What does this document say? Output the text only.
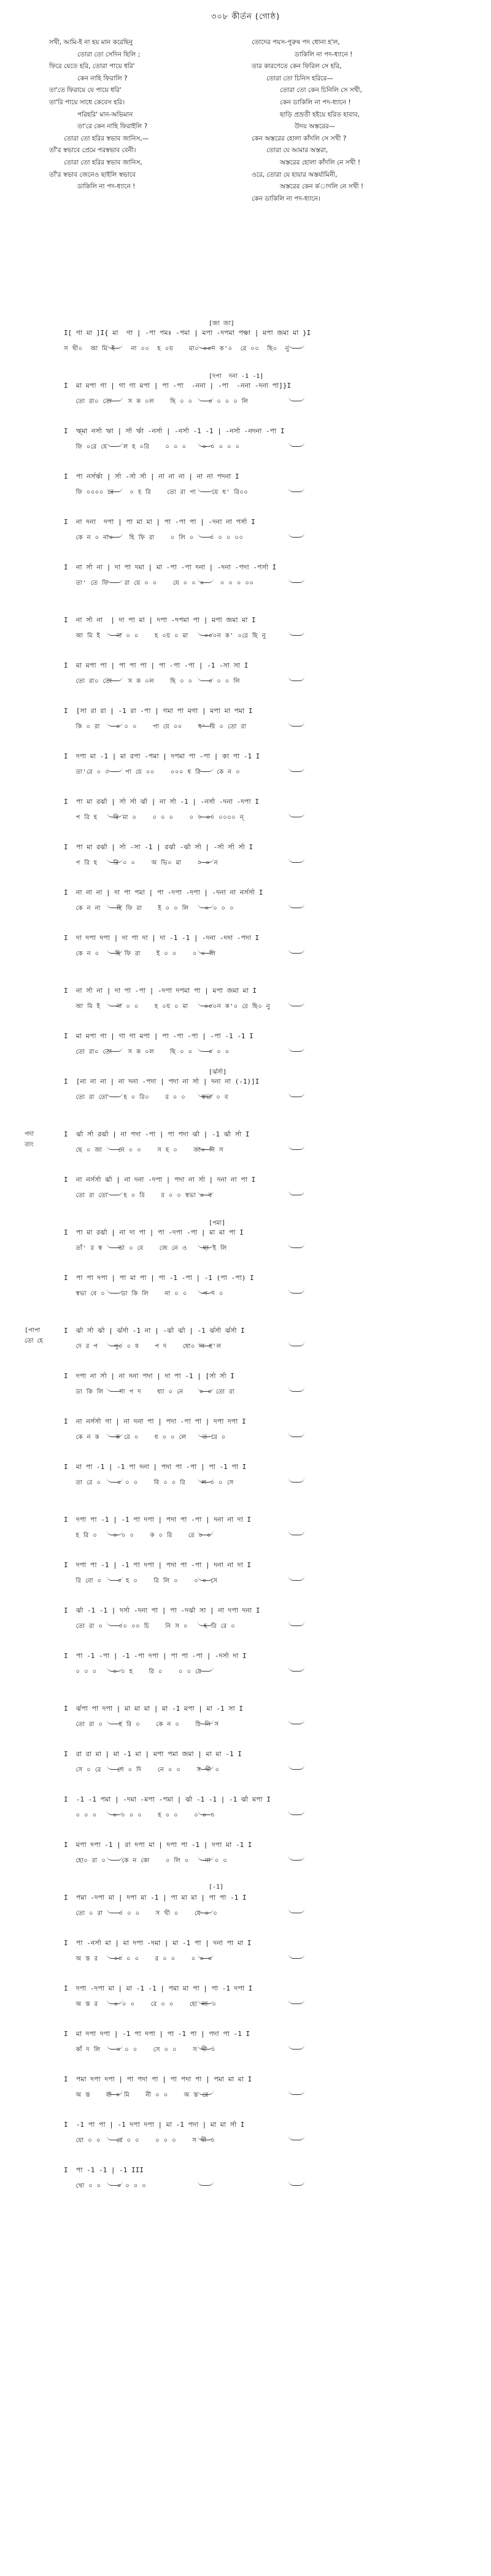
৩০৮ কীর্তন (গোষ্ঠ)
সখী, আমি-ই না হয় মান করেছিনু
তোরা তো সেদিন ছিলি ;
ফিরে যেতে হরি, তোরা পায়ে ধরি'
কেন নাহি ফিরালি ?
তা'তে ফিরায়ে যে পায়ে ধরি'
তা'রি পায়ে সাধে কেবেস হরি।
পরিহরি' মান-অভিমান
তা'রে কেন নাহি ফিরাইলি ?
তোরা তো হরির স্বভাব জানিস,—
তাঁ'র স্বভাবে প্রেমে পরস্বভাব বেনী।
তোরা তো হরির স্বভাব জানিস,
তাঁ'র স্বভাব জেনেও ছাইলি স্বভাবে
ডাকিলি না পদ-ধ্যানে !
তোদের পয়স-পুরুষ পদ ধোনা হ'ল,
ডাকিলি না পদ-ধ্যানে !
তার কারণেতে কেন ফিরিল সে হরি,
তোরা তো চিনিস হরিরে—
তোরা তো কেন চিনিলি সে সখী,
কেন ডাকিলি না পদ-ধ্যানে !
ছাড়ি প্রভ্রতী হইয়ে হরিত হাবাব,
উদয় অস্তরের—
কেন অস্তরের হোলা কাঁদলি সে সখী ?
তোরা যে আমার অস্তরা,
অস্তরের হোলা কাঁদলি নে সখী !
ওরে, তোরা যে হায়ার অস্তর্যামিনী,
অস্তরের কেন ক'াদলি নে সখী !
কেন ডাকিলি না পদ-ধ্যানে।
[জা জা]
I[ গা মা ]I{ মা  গা | -পা পমঃ -পমা | মপা -দপমা পক্ষা | মপা জমা মা }I
স খী০  আ মি ই    না ০০  হ ০য়    মা০ ০০ন ক'০  রে ০০  ছি০  নু
[দপা  দনা -1 -1]
I  মা মপা গা | গা গা মপা | পা -পা  -ননা | -পা  -ননা -দনা পা]}I
তো রা০ তো    স ক ০ল    ছি ০ ০    ০ ০ ০ ০ লি
I  ঋ্মা নর্সা ঋা | র্সা র্ঋা -নর্সা | -নর্সা -1 -1 | -নর্সা -নদনা -পা I
ফি ০রে যে    ল হ ০রি    ০ ০ ০    ০ ০ ০ ০ ০
I  পা নর্সর্ঋা | র্সা -র্সা র্সা | না না না | না না পদনা I
ফি ০০০০ রে    ০ হ রি    তো রা পা    য়ে ধ' রি০০
I  না দনা  দপা | পা মা মা | পা -পা পা | -দনা না পর্সা I
কে ন ০ না০    হি ফি রা    ০ লি ০    ০ ০ ০ ০০
I  না র্সা না | দা পা দমা | মা -পা -পা দনা | -দনা -পদা -পর্সা I
তা' তে ফি    রা য়ে ০ ০    যে ০ ০ ০    ০ ০ ০ ০০
I  না র্সা না  | দা পা মা | দপা -দপমা পা | মপা জমা মা I
আ মি ই    না ০ ০    হ ০য় ০ মা    ০০০ন ক' ০রে ছি নু
I  মা মপা পা | পা পা পা | পা -পা -পা | -1 -সা সা I
তো রা০ তো    স ক ০ল    ছি ০ ০    ০ ০ ০ লি
I  [সা রা রা | -1 রা -পা | গমা পা মগা | মপা মা পমা I
কি ০ রা    ০ ০ ০    পা য়ে ০০    ধ' রি ০ তো রা
I  দপা মা -1 | মা রপা -পমা | দপমা পা -পা | কা পা -1 I
তা'রে ০ ০    পা য়ে ০০    ০০০ ধ রি    কে ন ০
I  পা মা রর্ঝা | র্সা র্সা র্ঝা | না র্সা -1 | -নর্সা -দনা -দপা I
প রি হ    রি মা ০    ০ ০ ০    ০ ০ ০০ ০০০০ ন্
I  পা মা রর্ঝা | র্সা -সা -1 | রর্ঝা -র্ঝা র্সা | -র্সা র্সা র্সা I
প রি হ    রি ০ ০    অ ভি০ মা    ০ ০ ন
I  না না না | দা পা পমা | পা -দপা -দপা | -দনা না নর্সর্সা I
কে ন না    হি ফি রা    ই ০ ০ লি    ০ ০ ০ ০
I  দা দপা দপা | দা পা দা | দা -1 -1 | -দনা -দদা -পদা I
কে ন ০    হি ফি রা    ই ০ ০    ০ ০ লি
I  না র্সা না | দা পা -পা | -দপা দপমা পা | মপা জমা মা I
আ মি ই    না ০ ০    হ ০য় ০ মা    ০০০ন ক'০ রে ছি০ নু
I  মা মপা গা | গা গা মপা | পা -পা -পা | -পা -1 -1 I
তো রা০ তো    স ক ০ল    ছি ০ ০    ০ ০ ০
[র্ঝর্সা]
I  [না না না | না দনা -পদা | পদা না র্সা | দনা না (-1)]I
তো রা তো    হ ০ রি০    র ০ ০    স্বভা ০ ব
পদা
তাং
I  র্ঝা র্সা রর্ঝা | না পদা -পা | পা পদা র্ঝা | -1 র্ঝা র্সা I
ছে ০ জা    নে ০ ০    স হ ০    জা০ নি স
I  না নর্সর্সা র্ঝা | না দনা -দপা | পদা না র্সা | দনা না পা I
তো রা তো    হ ০ রি    র ০ ০ স্বভা ০ ব
[পমা]
I  পা মা রর্ঝা | না দা পা | পা -দপা -পা | মা মা পা I
তাঁ' র স্ব    ভা ০ বে    জে নে ও    ছা ই লি
I  পা পা দপা | পা মা পা | পা -1 -পা | -1 (পা -পা) I
স্বভা বে ০    ডা কি লি    না ০ ০    প দ ০
[পাপা
তো হে
I  র্ঝা র্সা র্ঝা | র্ঝর্সা -1 না | -র্ঝা র্ঝা | -1 র্ঝর্সা র্ঝর্সা I
দে র প    পু০ ০ ষ    প দ    ধো০ না হ'ল
I  দপা না র্সা | না দনা পদা | দা পা -1 | [র্সা র্সা I
ডা কি লি    না প দ    ধ্যা ০ নে    ০ ০ তো রা
I  না নর্সর্সা গা | না দনা পা | পদা -পা পা | দপা দপা I
কে ন ক    ক রে ০    ধ ০ ০ লে    ত রে ০
I  মা পা -1 | -1 পা দনা | পদা পা -পা | পা -1 পা I
তা রে ০    ০ ০ ০    বি ০ ০ রি    ল ০ ০ সে
I  দপা পা -1 | -1 পা দপা | পদা পা -পা | দনা না দা I
হ রি ০    ০ ০ ০    ক ০ রি    রে ০ ০
I  দপা পা -1 | -1 পা দপা | পদা পা -পা | দনা না দা I
রি বো ০    ০ হ ০    রি লি ০    ০ ০ সে
I  র্ঝা -1 -1 | দর্সা -দনা পা | পা -দর্ঝা সা | না দপা দনা I
তো রা ০    ০০ ০০ চি    নি স ০    হ রি রে ০
I  পা -1 -পা | -1 -পা দপা | পা পা -পা | -দর্সা দা I
০ ০ ০    ০ ০ হ    রি ০    ০ ০ রে
I  র্ঝপা পা দপা | মা মা মা | মা -1 মপা | মা -1 সা I
তো রা ০    হ রি ০    কে ন ০    চি নি স
I  রা রা মা | মা -1 মা | মপা পমা জমা | মা মা -1 I
সে ০ রে    সে ০ দি    নে ০ ০    স খী ০
I  -1 -1 পমা | -দমা -মপা -পমা | র্ঝা -1 -1 | -1 র্ঝা মপা I
০ ০ ০    ০ ০ ০ ০    হ ০ ০    ০ ০ ০
I  মপা দপা -1 | রা দপা মা | দপা পা -1 | দপা মা -1 I
হো০ রা ০    কে ন কো    ০ লি ০    না ০ ০
[-1]
I  পমা -দপা মা | দপা মা -1 | পা মা মা | পা পা -1 I
তো ০ রা    ০ ০ ০    স খী ০    যে ০ ০
I  পা -নর্সা মা | মা দপা -দমা | মা -1 পা | দনা পা মা I
অ স্ত র    ০০ ০ ০    র ০ ০    ০ ০ ০
I  দপা -দপা মা | মা -1 -1 | পমা মা পা | পা -1 দপা I
অ স্ত র    ০ ০ ০    রে ০ ০    হো লা ০
I  মা দপা দপা | -1 পা দপা | পা -1 পা | পদা পা -1 I
কাঁ দ লি    ০ ০ ০    সে ০ ০    স খী ০
I  পমা দপা দপা | পা পদা পা | পা পদা পা | পমা মা মা I
অ স্ত    র্যা ০ মি    নী ০ ০    অ স্ত রে
I  -1 পা পা | -1 দপা দপা | মা -1 পদা | মা মা র্সা I
যো ০ ০    রে ০ ০    ০ ০ ০    স খী ০
I  পা -1 -1 | -1 III
খো ০ ০    ০ ০ ০ ০
